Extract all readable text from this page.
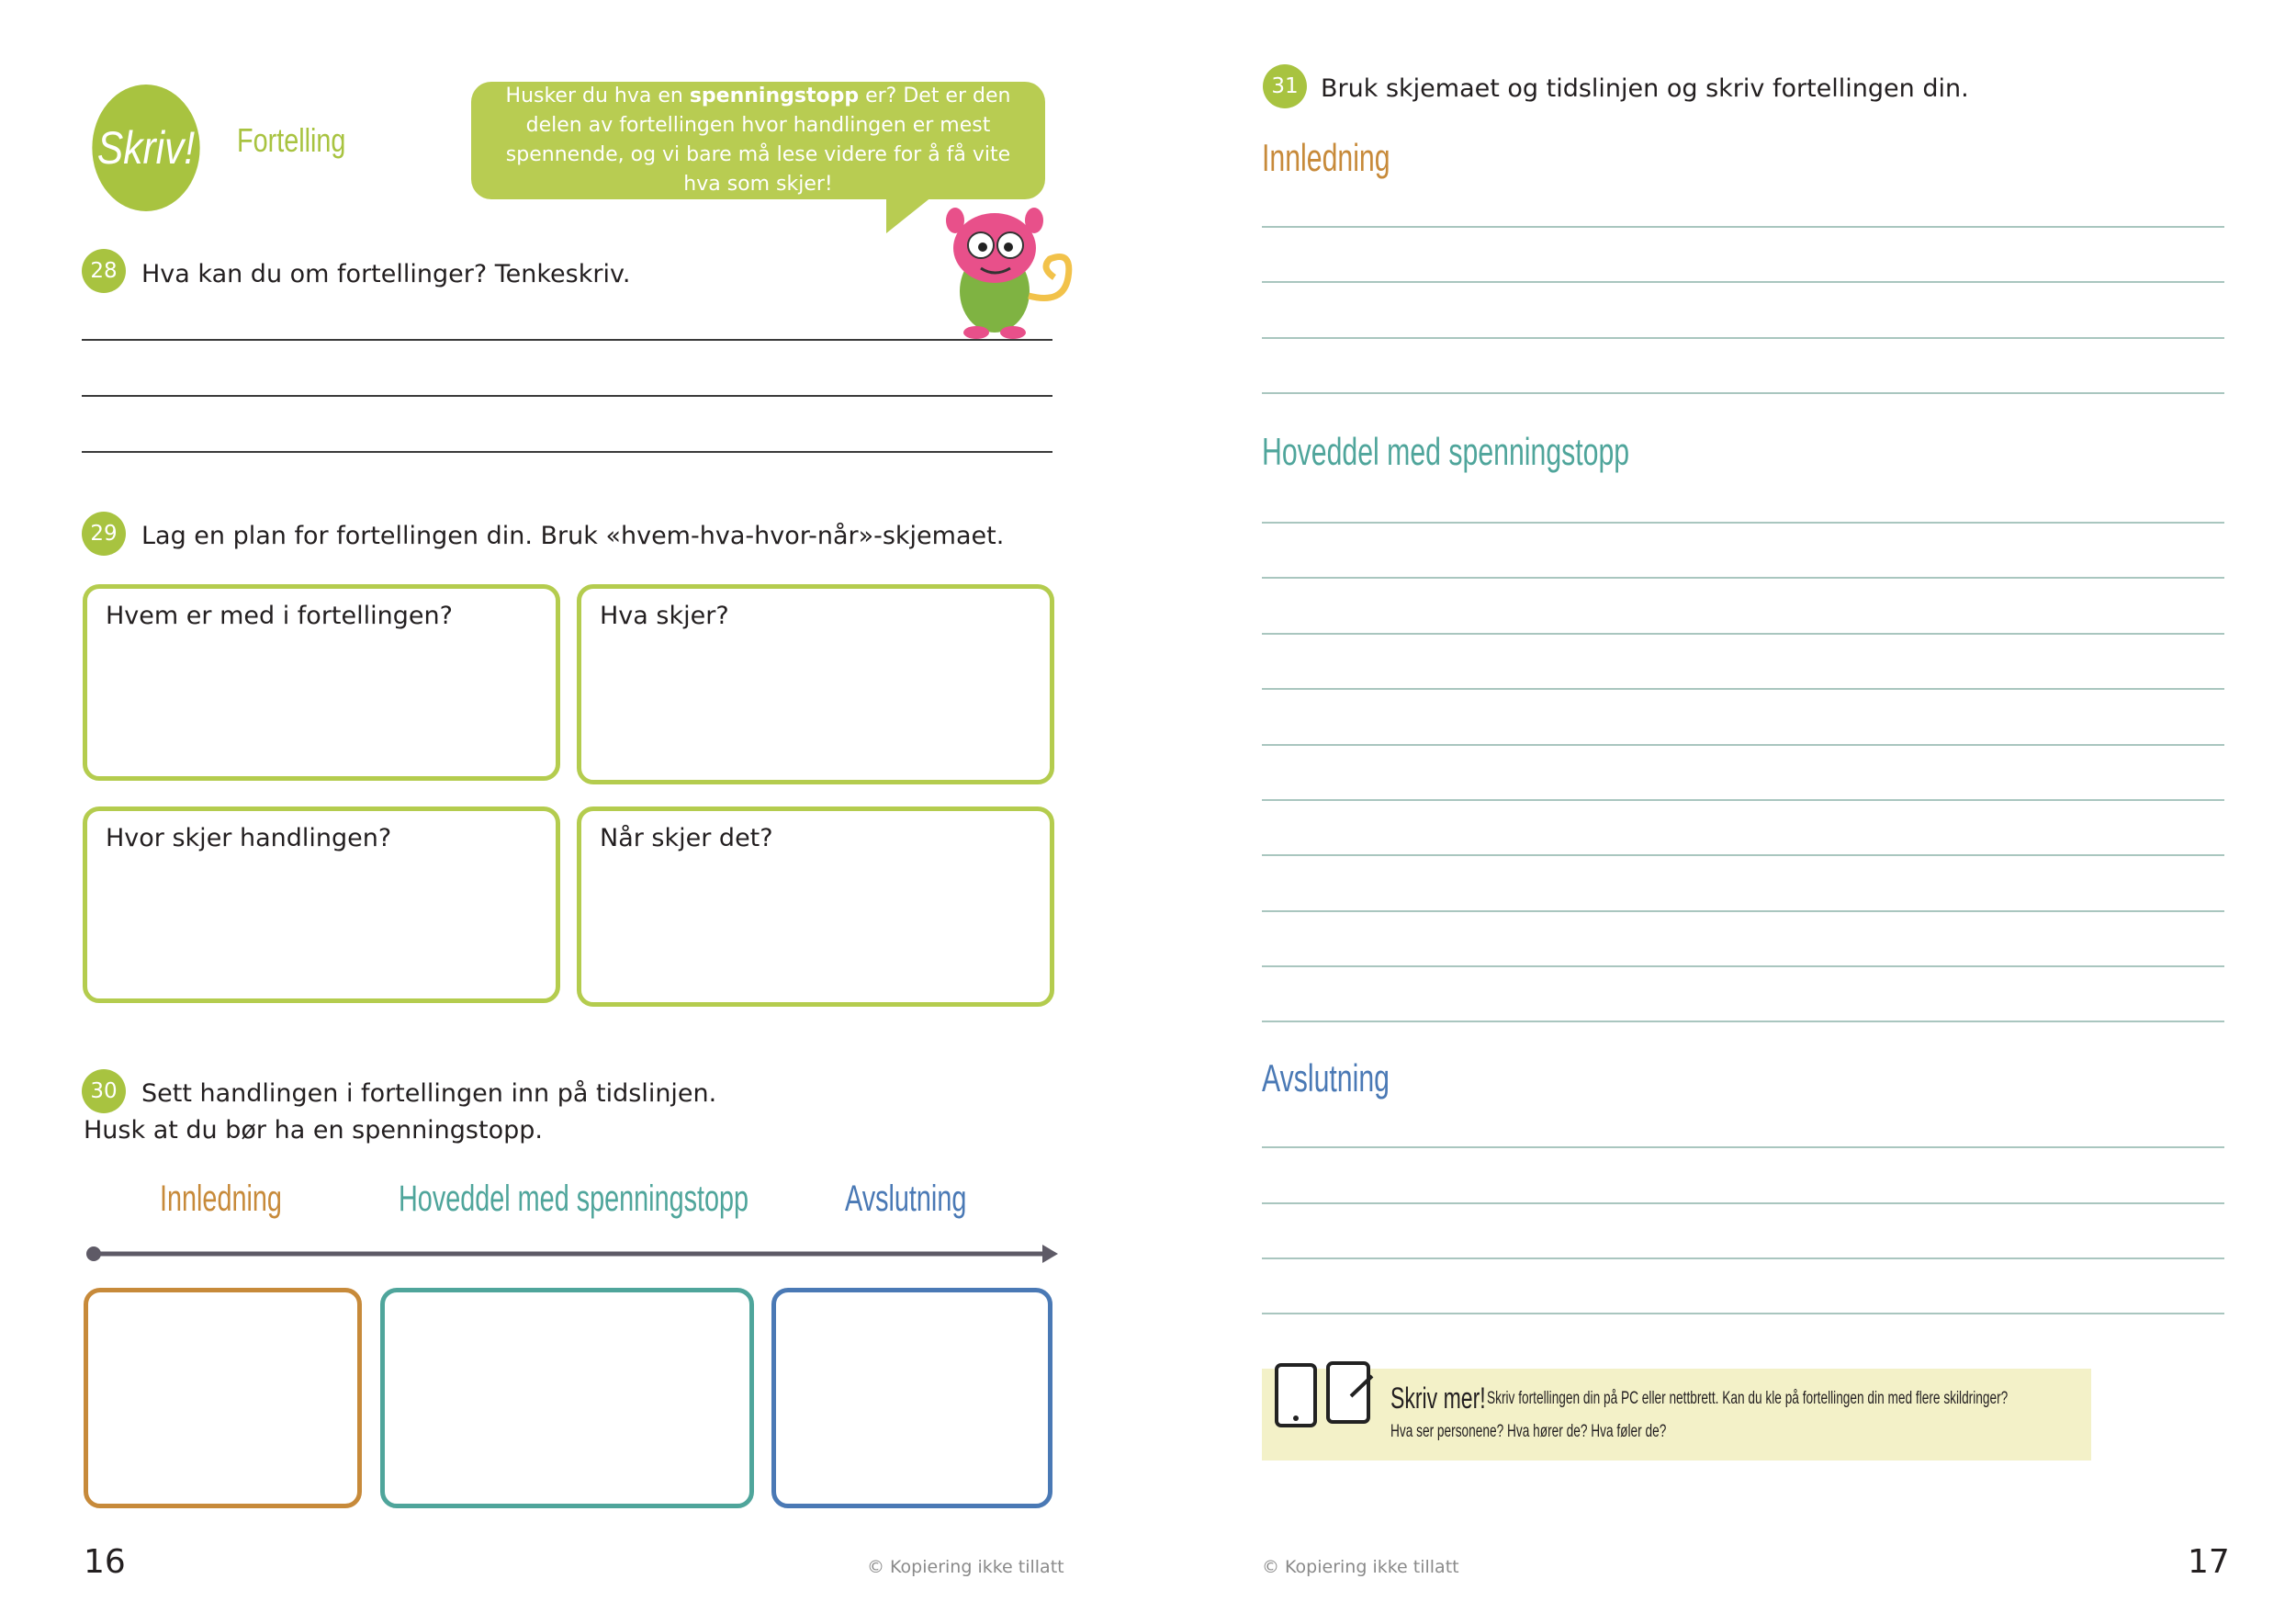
Skriv! Fortelling
Husker du hva en spenningstopp er? Det er den delen av fortellingen hvor handlingen er mest spennende, og vi bare må lese videre for å få vite hva som skjer!
28 Hva kan du om fortellinger? Tenkeskriv.
29 Lag en plan for fortellingen din. Bruk «hvem-hva-hvor-når»-skjemaet.
Hvem er med i fortellingen?	Hva skjer?
Hvor skjer handlingen?	Når skjer det?
30 Sett handlingen i fortellingen inn på tidslinjen.
Husk at du bør ha en spenningstopp.
Innledning	Hoveddel med spenningstopp	Avslutning
16	© Kopiering ikke tillatt
31 Bruk skjemaet og tidslinjen og skriv fortellingen din.
Innledning
Hoveddel med spenningstopp
Avslutning
© Kopiering ikke tillatt	17
Skriv mer! Skriv fortellingen din på PC eller nettbrett. Kan du kle på fortellingen din med flere skildringer?
Hva ser personene? Hva hører de? Hva føler de?
